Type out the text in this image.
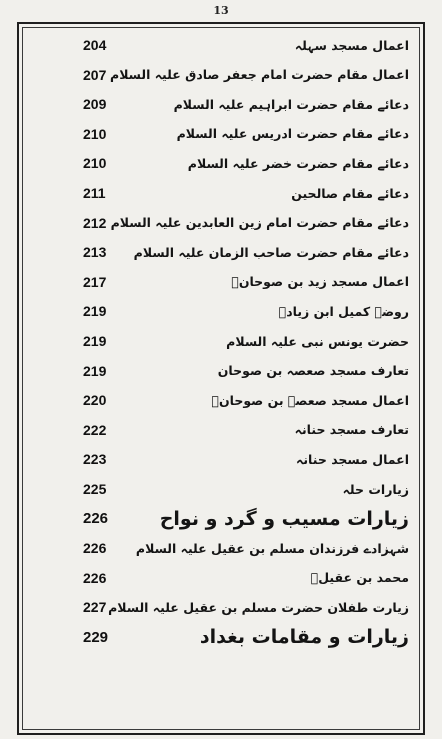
13
204	اعمال مسجد سہلہ
207 اعمال مقام حضرت امام جعفر صادق علیہ السلام
209	دعائے مقام حضرت ابراہیم علیہ السلام
210	دعائے مقام حضرت ادریس علیہ السلام
210	دعائے مقام حضرت خضر علیہ السلام
211	دعائے مقام صالحین
212 دعائے مقام حضرت امام زین العابدین علیہ السلام
213	دعائے مقام حضرت صاحب الزمان علیہ السلام
217	اعمال مسجد زید بن صوحانؒ
219	روضہ کمیل ابن زیادؒ
219	حضرت یونس نبی علیہ السلام
219	تعارف مسجد صعصہ بن صوحان
220	اعمال مسجد صعصہ بن صوحانؒ
222	تعارف مسجد حنانہ
223	اعمال مسجد حنانہ
225	زیارات حلہ
226	زیارات مسیب و گرد و نواح
226	شہزادے فرزندان مسلم بن عقیل علیہ السلام
226	محمد بن عقیلؑ
227 زیارت طفلان حضرت مسلم بن عقیل علیہ السلام
229	زیارات و مقامات بغداد
